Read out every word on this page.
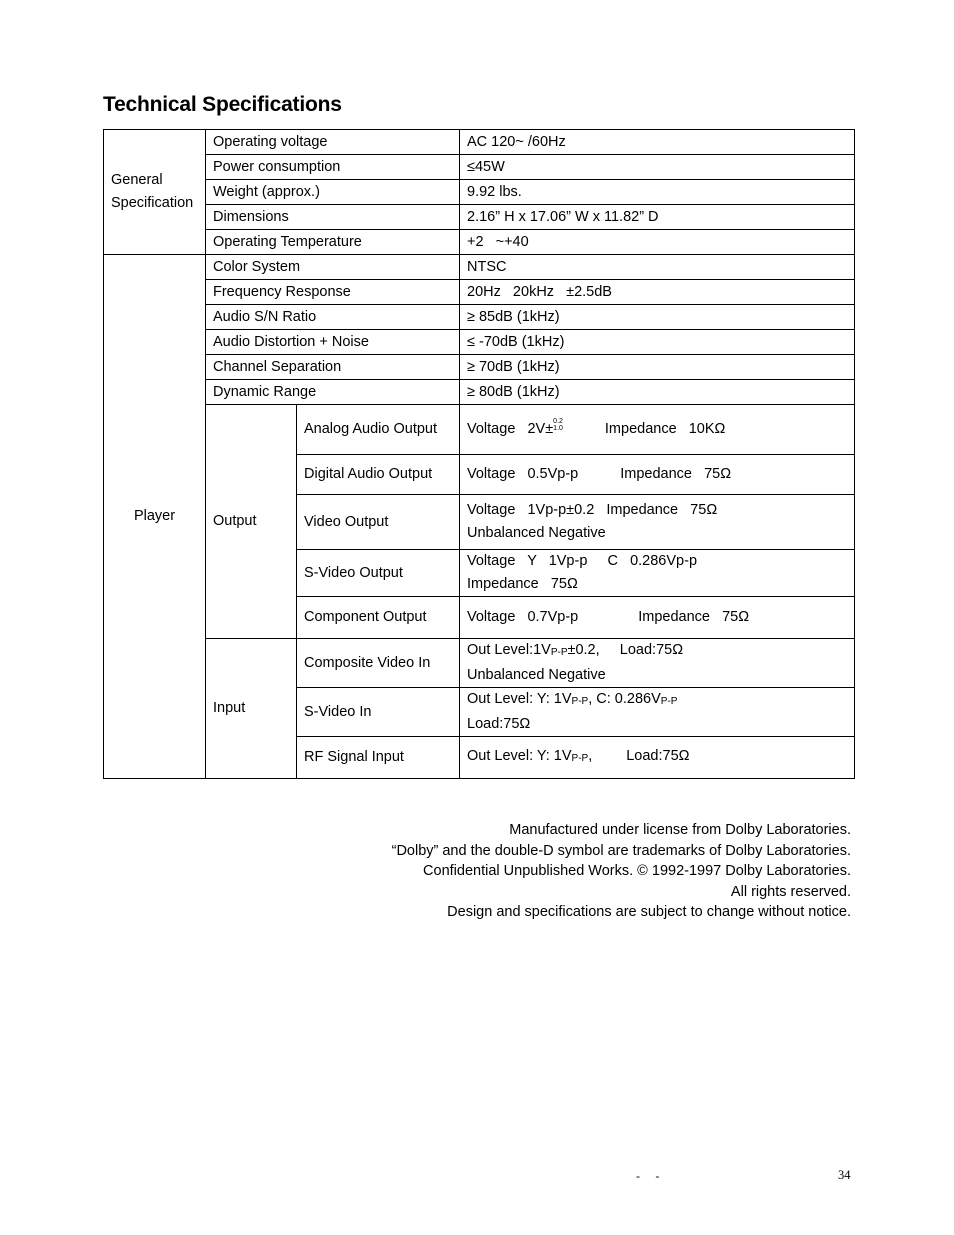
Technical Specifications
General
Specification	Operating voltage		AC 120~ /60Hz
	Power consumption		≤45W
	Weight (approx.)		9.92 lbs.
	Dimensions		2.16” H x 17.06” W x 11.82” D
	Operating Temperature		+2   ~+40
Player	Color System		NTSC
	Frequency Response		20Hz   20kHz   ±2.5dB
	Audio S/N Ratio		≥ 85dB (1kHz)
	Audio Distortion + Noise		≤ -70dB (1kHz)
	Channel Separation		≥ 70dB (1kHz)
	Dynamic Range		≥ 80dB (1kHz)
	Output	Analog Audio Output	Voltage   2V± 0.2
1.0 Impedance   10KΩ
		Digital Audio Output	Voltage   0.5Vp-p Impedance   75Ω
		Video Output	Voltage   1Vp-p±0.2   Impedance   75Ω
Unbalanced Negative

		S-Video Output	Voltage   Y   1Vp-p     C   0.286Vp-p
Impedance   75Ω

		Component Output	Voltage   0.7Vp-p Impedance   75Ω
	Input	Composite Video In	Out Level:1VP-P±0.2,     Load:75Ω
Unbalanced Negative

		S-Video In	Out Level: Y: 1VP-P, C: 0.286VP-P
Load:75Ω

		RF Signal Input	Out Level: Y: 1VP-P, Load:75Ω
Manufactured under license from Dolby Laboratories.
“Dolby” and the double-D symbol are trademarks of Dolby Laboratories.
Confidential Unpublished Works. © 1992-1997 Dolby Laboratories.
All rights reserved.
Design and specifications are subject to change without notice.
- -	34
